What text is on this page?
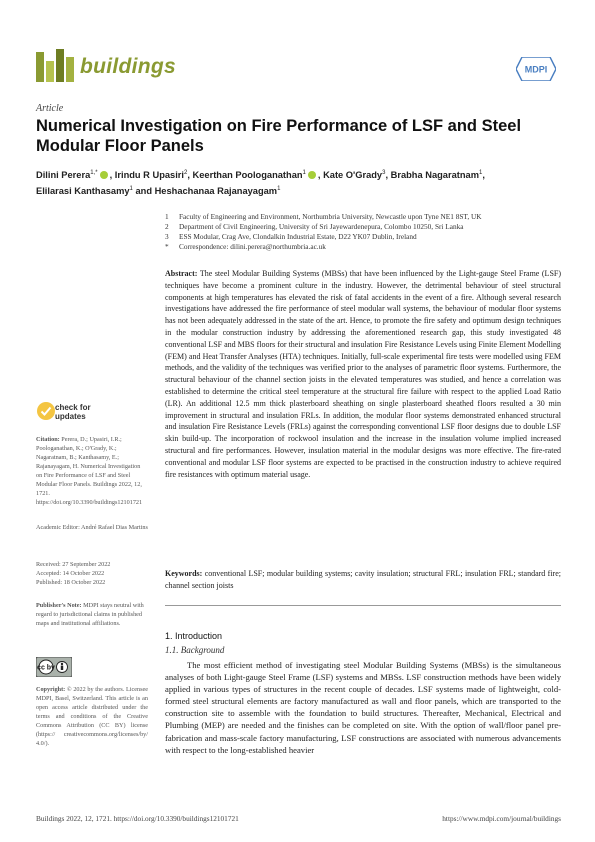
buildings	MDPI
Article
Numerical Investigation on Fire Performance of LSF and Steel Modular Floor Panels
Dilini Perera$^{1,*}$ , Irindu R Upasiri$^2$, Keerthan Poologanathan$^1$ , Kate O'Grady$^3$, Brabha Nagaratnam$^1$,
Elilarasi Kanthasamy$^1$ and Heshachanaa Rajanayagam$^1$
1	Faculty of Engineering and Environment, Northumbria University, Newcastle upon Tyne NE1 8ST, UK
2	Department of Civil Engineering, University of Sri Jayewardenepura, Colombo 10250, Sri Lanka
3	ESS Modular, Crag Ave, Clondalkin Industrial Estate, D22 YK07 Dublin, Ireland
*	Correspondence: dilini.perera@northumbria.ac.uk

Abstract: The steel Modular Building Systems (MBSs) that have been influenced by the Light-gauge Steel Frame (LSF) techniques have become a prominent culture in the industry. However, the detrimental behaviour of steel structural components at high temperatures has elevated the risk of fatal accidents in the event of a fire. Although several research investigations have addressed the fire performance of steel modular wall systems, the behaviour of modular floor systems has not been adequately addressed in the state of the art. Hence, to promote the fire safety and optimum design techniques in the modular construction industry by addressing the aforementioned research gap, this study investigated 48 conventional LSF and MBS floors for their structural and insulation Fire Resistance Levels using Finite Element Modelling (FEM) and Heat Transfer Analyses (HTA) techniques. Initially, full-scale experimental fire tests were modelled using FEM methods, and the validity of the techniques was verified prior to the analyses of parametric floor systems. Furthermore, the structural behaviour of the channel section joists in the elevated temperatures was studied, and hence a correlation was established to determine the critical steel temperature at the structural fire failure with respect to the applied Load Ratio (LR). An additional 12.5 mm thick plasterboard sheathing on single plasterboard sheathed floors resulted a 30 min improvement in structural and insulation FRLs. In addition, the modular floor systems demonstrated enhanced structural and insulation Fire Resistance Levels (FRLs) against the corresponding conventional LSF floor designs due to double LSF skin build-up. The incorporation of rockwool insulation and the increase in the insulation volume implied increased structural and fire performances. However, insulation material in the modular designs was more effective. The fire-rated conventional and modular LSF floor systems are expected to be practised in the construction industry to achieve required fire resistances with optimum material usage.

Keywords: conventional LSF; modular building systems; cavity insulation; structural FRL; insulation FRL; standard fire; channel section joists

1. Introduction
1.1. Background

The most efficient method of investigating steel Modular Building Systems (MBSs) is the simultaneous analyses of both Light-gauge Steel Frame (LSF) systems and MBSs. LSF construction methods have been widely applied in various types of structures in the recent couple of decades. LSF systems made of lightweight, cold-formed steel structural elements are factory manufactured as wall and floor panels, which are transported to the construction site to assemble with the foundation to build structures. Thereafter, Mechanical, Electrical and Plumbing (MEP) are needed and the finishes can be completed on site. With the option of wall/floor panel pre-fabrication and mass-scale factory manufacturing, LSF constructions are associated with numerous advancements with respect to the long-established heavier

check for updates

Citation: Perera, D.; Upasiri, I.R.; Poologanathan, K.; O'Grady, K.; Nagaratnam, B.; Kanthasamy, E.; Rajanayagam, H. Numerical Investigation on Fire Performance of LSF and Steel Modular Floor Panels. Buildings 2022, 12, 1721. https://doi.org/10.3390/buildings12101721

Academic Editor: André Rafael Dias Martins

Received: 27 September 2022

Accepted: 14 October 2022

Published: 18 October 2022

Publisher's Note: MDPI stays neutral with regard to jurisdictional claims in published maps and institutional affiliations.

cc by

Copyright: © 2022 by the authors. Licensee MDPI, Basel, Switzerland. This article is an open access article distributed under the terms and conditions of the Creative Commons Attribution (CC BY) license (https:// creativecommons.org/licenses/by/ 4.0/).

Buildings 2022, 12, 1721. https://doi.org/10.3390/buildings12101721	https://www.mdpi.com/journal/buildings
